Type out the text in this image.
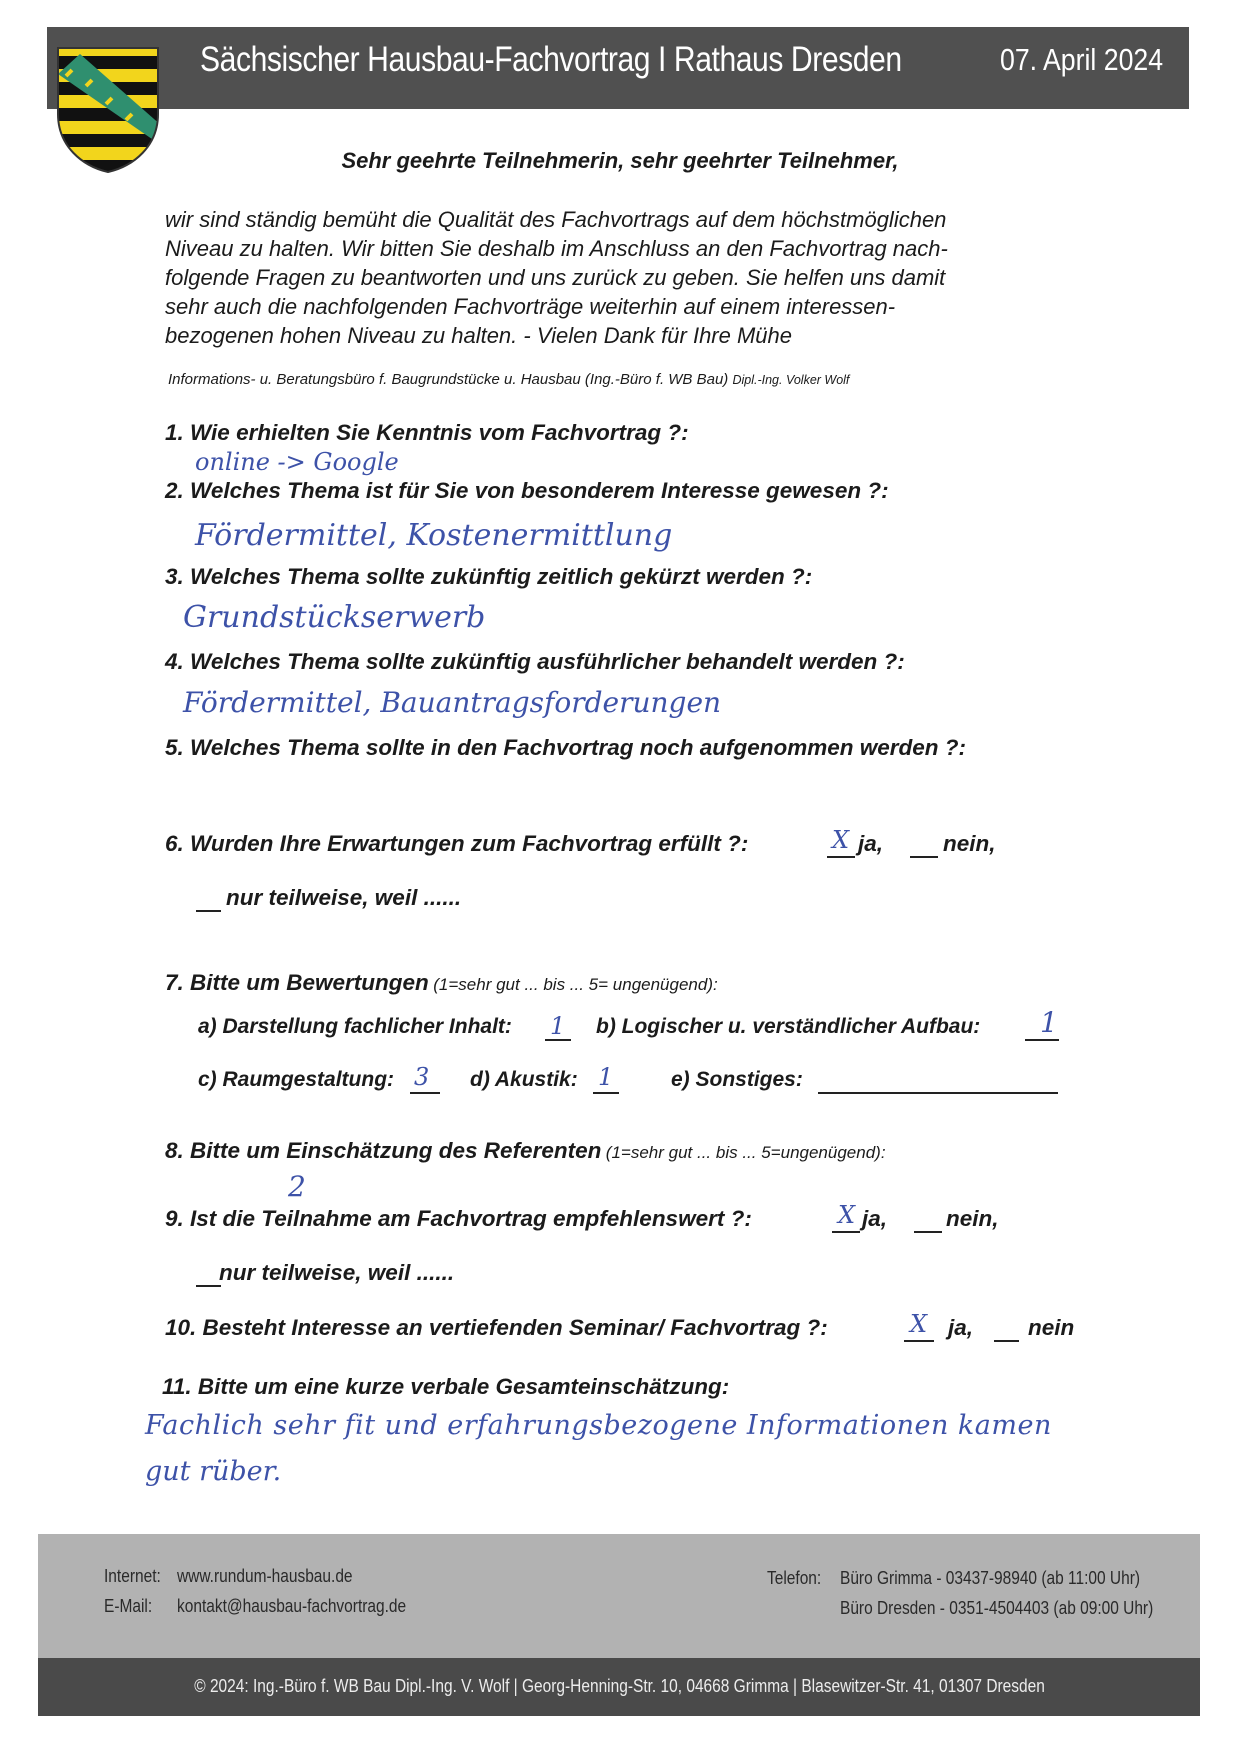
Sächsischer Hausbau-Fachvortrag I Rathaus Dresden	07. April 2024
Sehr geehrte Teilnehmerin, sehr geehrter Teilnehmer,
wir sind ständig bemüht die Qualität des Fachvortrags auf dem höchstmöglichen
Niveau zu halten. Wir bitten Sie deshalb im Anschluss an den Fachvortrag nach-
folgende Fragen zu beantworten und uns zurück zu geben. Sie helfen uns damit
sehr auch die nachfolgenden Fachvorträge weiterhin auf einem interessen-
bezogenen hohen Niveau zu halten. - Vielen Dank für Ihre Mühe
Informations- u. Beratungsbüro f. Baugrundstücke u. Hausbau (Ing.-Büro f. WB Bau) Dipl.-Ing. Volker Wolf
1. Wie erhielten Sie Kenntnis vom Fachvortrag ?:
online -> Google
2. Welches Thema ist für Sie von besonderem Interesse gewesen ?:
Fördermittel, Kostenermittlung
3. Welches Thema sollte zukünftig zeitlich gekürzt werden ?:
Grundstückserwerb
4. Welches Thema sollte zukünftig ausführlicher behandelt werden ?:
Fördermittel, Bauantragsforderungen
5. Welches Thema sollte in den Fachvortrag noch aufgenommen werden ?:
6. Wurden Ihre Erwartungen zum Fachvortrag erfüllt ?:	X ja,	nein,
nur teilweise, weil ......
7. Bitte um Bewertungen (1=sehr gut ... bis ... 5= ungenügend):
a) Darstellung fachlicher Inhalt: 1 b) Logischer u. verständlicher Aufbau: 1
c) Raumgestaltung: 3 d) Akustik: 1	e) Sonstiges:
8. Bitte um Einschätzung des Referenten (1=sehr gut ... bis ... 5=ungenügend):
2
9. Ist die Teilnahme am Fachvortrag empfehlenswert ?:	X ja,	nein,
nur teilweise, weil ......
10. Besteht Interesse an vertiefenden Seminar/ Fachvortrag ?:	X ja, nein
11. Bitte um eine kurze verbale Gesamteinschätzung:
Fachlich sehr fit und erfahrungsbezogene Informationen kamen
gut rüber.
Internet: www.rundum-hausbau.de
E-Mail: kontakt@hausbau-fachvortrag.de
Telefon: Büro Grimma - 03437-98940 (ab 11:00 Uhr)
Büro Dresden - 0351-4504403 (ab 09:00 Uhr)
© 2024: Ing.-Büro f. WB Bau Dipl.-Ing. V. Wolf | Georg-Henning-Str. 10, 04668 Grimma | Blasewitzer-Str. 41, 01307 Dresden
